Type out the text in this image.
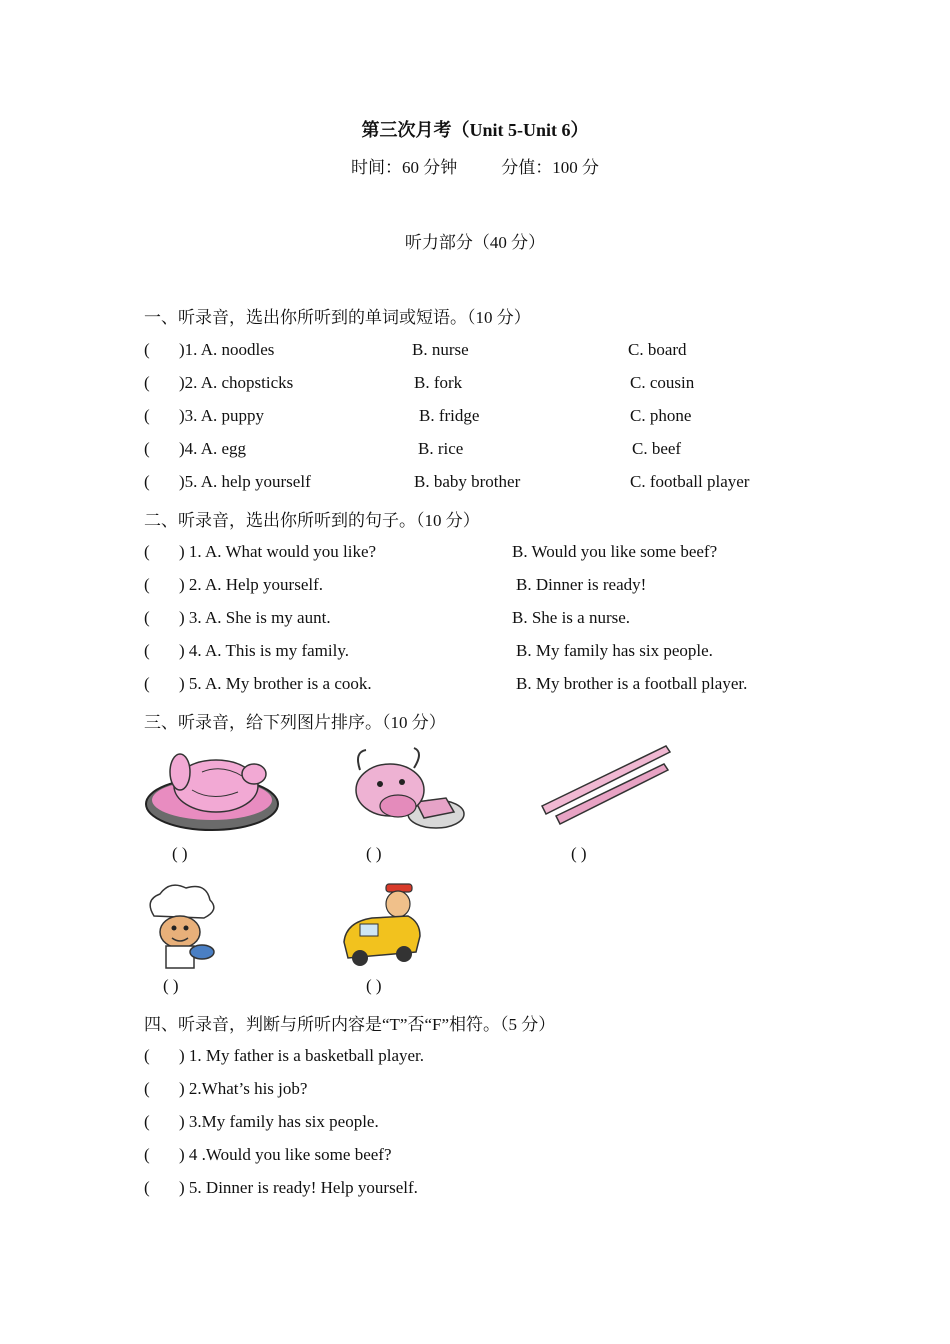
第三次月考（Unit 5-Unit 6）
时间：60 分钟	分值：100 分
听力部分（40 分）
一、听录音，选出你所听到的单词或短语。（10 分）
( )1. A. noodles	B. nurse	C. board
( )2. A. chopsticks	B. fork	C. cousin
( )3. A. puppy	B. fridge	C. phone
( )4. A. egg	B. rice	C. beef
( )5. A. help yourself	B. baby brother	C. football player
二、听录音，选出你所听到的句子。（10 分）
( ) 1. A. What would you like?	B. Would you like some beef?
( ) 2. A. Help yourself.	B. Dinner is ready!
( ) 3. A. She is my aunt.	B. She is a nurse.
( ) 4. A. This is my family.	B. My family has six people.
( ) 5. A. My brother is a cook.	B. My brother is a football player.
三、听录音，给下列图片排序。（10 分）
( )	( )	( )
( )	( )
四、听录音，判断与所听内容是“T”否“F”相符。（5 分）
( ) 1. My father is a basketball player.
( ) 2.What’s his job?
( ) 3.My family has six people.
( ) 4 .Would you like some beef?
( ) 5. Dinner is ready! Help yourself.
